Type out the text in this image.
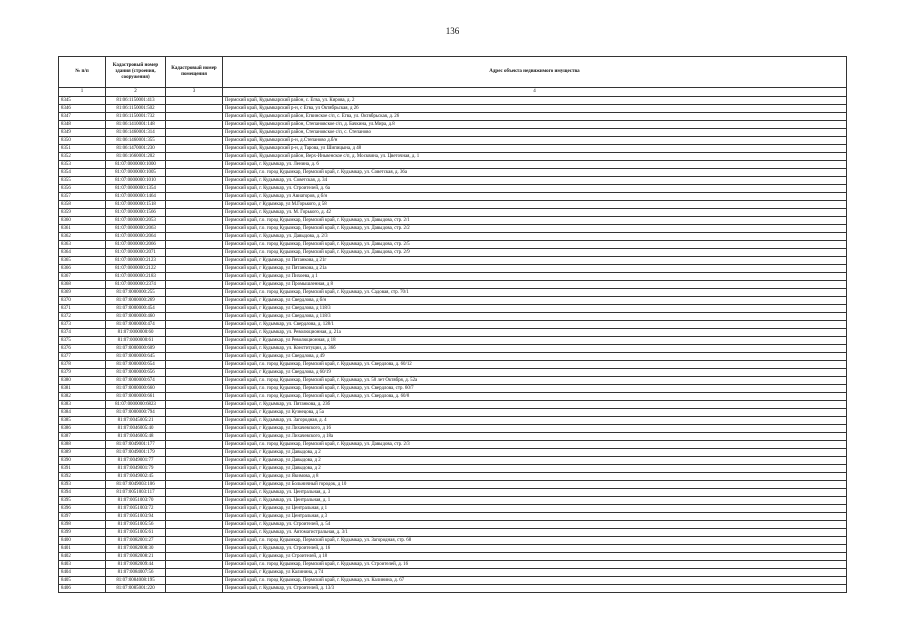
136
№ п/п	Кадастровый номер здания (строения, сооружения)	Кадастровый номер помещения	Адрес объекта недвижимого имущества
1	2	3	4
8345	81:06:1150001:413		Пермский край, Кудымкарский район, с. Егва, ул. Кирова, д. 2
8346	81:06:1150001:502		Пермский край, Кудымкарский р-н, с Егва, ул Октябрьская, д 26
8347	81:06:1150001:732		Пермский край, Кудымкарский район, Егвинское с/п, с. Егва, ул. Октябрьская, д. 26
8348	81:06:1410001:148		Пермский край, Кудымкарский район, Степановское с/п, д. Бачкина, ул.Мира, д.8
8349	81:06:1460001:314		Пермский край, Кудымкарский район, Степановское с/п, с. Степаново
8350	81:06:1460001:355		Пермский край, Кудымкарский р-н, д.Степаново д.б/н
8351	81:06:1470001:230		Пермский край, Кудымкарский р-н, д Тарова, ул Шипицына, д 48
8352	81:06:1660001:202		Пермский край, Кудымкарский район, Верх-Иньвенское с/п, д. Москвина, ул. Цветочная, д. 1
8353	81:07:0000000:1000		Пермский край, г. Кудымкар, ул. Ленина, д. 6
8354	81:07:0000000:1005		Пермский край, г.о. город Кудымкар, Пермский край, г. Кудымкар, ул. Советская, д. 36а
8355	81:07:0000000:1010		Пермский край, г. Кудымкар, ул. Советская, д. 34
8356	81:07:0000000:1354		Пермский край, г. Кудымкар, ул. Строителей, д. 6а
8357	81:07:0000000:1464		Пермский край, г. Кудымкар, ул Авиаторов, д б/н
8358	81:07:0000000:1518		Пермский край, г Кудымкар, ул М.Горького, д 58
8359	81:07:0000000:1566		Пермский край, г. Кудымкар, ул. М. Горького, д. 42
8360	81:07:0000000:2053		Пермский край, г.о. город Кудымкар, Пермский край, г. Кудымкар, ул. Давыдова, стр. 2/1
8361	81:07:0000000:2063		Пермский край, г.о. город Кудымкар, Пермский край, г. Кудымкар, ул. Давыдова, стр. 2/2
8362	81:07:0000000:2064		Пермский край, г. Кудымкар, ул. Давыдова, д. 2/3
8363	81:07:0000000:2066		Пермский край, г.о. город Кудымкар, Пермский край, г. Кудымкар, ул. Давыдова, стр. 2/5
8364	81:07:0000000:2071		Пермский край, г.о. город Кудымкар, Пермский край, г. Кудымкар, ул. Давыдова, стр. 2/9
8365	81:07:0000000:2123		Пермский край, г Кудымкар, ул Пятанкова, д 21г
8366	81:07:0000000:2122		Пермский край, г Кудымкар, ул Пятанкова, д 21а
8367	81:07:0000000:2183		Пермский край, г Кудымкар, ул Пихоева, д 1
8368	81:07:0000000:2374		Пермский край, г Кудымкар, ул Промышленная, д 8
8369	81:07:0000000:255		Пермский край, г.о. город Кудымкар, Пермский край, г. Кудымкар, ул. Садовая, стр. 70/1
8370	81:07:0000000:269		Пермский край, г Кудымкар, ул Свердлова, д б/н
8371	81:07:0000000:454		Пермский край, г Кудымкар, ул Свердлова, д 118/3
8372	81:07:0000000:460		Пермский край, г Кудымкар, ул Свердлова, д 118/3
8373	81:07:0000000:474		Пермский край, г. Кудымкар, ул. Свердлова, д. 128/1
8374	81:07:0000000:60		Пермский край, г. Кудымкар, ул. Революционная, д. 21а
8375	81:07:0000000:61		Пермский край, г Кудымкар, ул Революционная, д 18
8376	81:07:0000000:609		Пермский край, г. Кудымкар, ул. Конституции, д. 36б
8377	81:07:0000000:645		Пермский край, г Кудымкар, ул Свердлова, д 49
8378	81:07:0000000:654		Пермский край, г.о. город Кудымкар, Пермский край, г. Кудымкар, ул. Свердлова, д. 60/12
8379	81:07:0000000:656		Пермский край, г Кудымкар, ул Свердлова, д 60/19
8380	81:07:0000000:674		Пермский край, г.о. город Кудымкар, Пермский край, г. Кудымкар, ул. 50 лет Октября, д. 52а
8381	81:07:0000000:660		Пермский край, г.о. город Кудымкар, Пермский край, г. Кудымкар, ул. Свердлова, стр. 60/7
8382	81:07:0000000:661		Пермский край, г.о. город Кудымкар, Пермский край, г. Кудымкар, ул. Свердлова, д. 60/8
8383	81:07:0000000:6823		Пермский край, г. Кудымкар, ул. Пятанкова, д. 23б
8384	81:07:0000000:794		Пермский край, г Кудымкар, ул Кузнецова, д 5а
8385	81:07:0045005:21		Пермский край, г. Кудымкар, ул. Загородная, д. 4
8386	81:07:0046005:40		Пермский край, г Кудымкар, ул Лихачевского, д 16
8387	81:07:0046005:48		Пермский край, г Кудымкар, ул Лихачевского, д 18а
8388	81:07:0049001:177		Пермский край, г.о. город Кудымкар, Пермский край, г. Кудымкар, ул. Давыдова, стр. 2/3
8389	81:07:0049001:179		Пермский край, г Кудымкар, ул Давыдова, д 2
8390	81:07:0049001:77		Пермский край, г Кудымкар, ул Давыдова, д 2
8391	81:07:0049001:79		Пермский край, г Кудымкар, ул Давыдова, д 2
8392	81:07:0049002:45		Пермский край, г Кудымкар, ул Якимова, д 8
8393	81:07:0049003:106		Пермский край, г Кудымкар, ул Больничный городок, д 10
8394	81:07:0051003:117		Пермский край, г. Кудымкар, ул. Центральная, д. 3
8395	81:07:0051003:70		Пермский край, г. Кудымкар, ул. Центральная, д. 1
8396	81:07:0051003:72		Пермский край, г Кудымкар, ул Центральная, д 1
8397	81:07:0051003:94		Пермский край, г Кудымкар, ул Центральная, д 3
8398	81:07:0051005:56		Пермский край, г. Кудымкар, ул. Строителей, д. 54
8399	81:07:0051005:61		Пермский край, г. Кудымкар, ул. Автомагистральная, д. 3/1
8400	81:07:0082001:27		Пермский край, г.о. город Кудымкар, Пермский край, г. Кудымкар, ул. Загородная, стр. 68
8401	81:07:0082008:30		Пермский край, г. Кудымкар, ул. Строителей, д. 16
8402	81:07:0082008:21		Пермский край, г Кудымкар, ул Строителей, д 18
8403	81:07:0082009:44		Пермский край, г.о. город Кудымкар, Пермский край, г. Кудымкар, ул. Строителей, д. 16
8404	81:07:0084007:56		Пермский край, г Кудымкар, ул Калинина, д 74
8405	81:07:0084008:195		Пермский край, г.о. город Кудымкар, Пермский край, г. Кудымкар, ул. Калинина, д. 67
8406	81:07:0085001:220		Пермский край, г. Кудымкар, ул. Строителей, д. 13/3
